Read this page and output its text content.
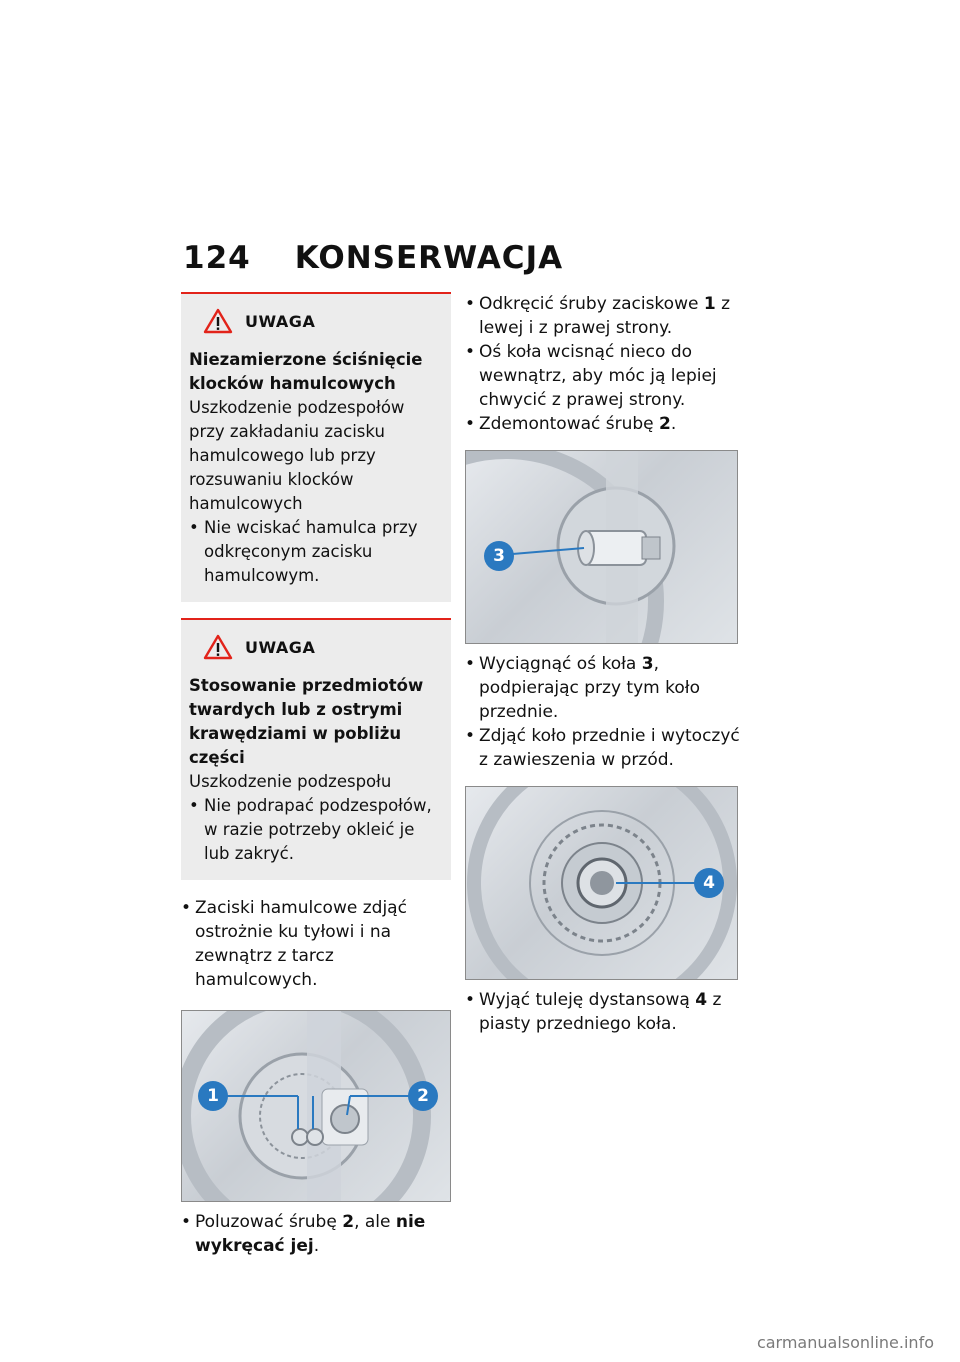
124 KONSERWACJA
UWAGA
Niezamierzone ściśnięcie klocków hamulcowych
Uszkodzenie podzespołów przy zakładaniu zacisku hamulcowego lub przy rozsuwaniu klocków hamulcowych
• Nie wciskać hamulca przy odkręconym zacisku hamulcowym.
UWAGA
Stosowanie przedmiotów twardych lub z ostrymi krawędziami w pobliżu części
Uszkodzenie podzespołu
• Nie podrapać podzespołów, w razie potrzeby okleić je lub zakryć.
• Zaciski hamulcowe zdjąć ostrożnie ku tyłowi i na zewnątrz z tarcz hamulcowych.
1	2
• Poluzować śrubę 2, ale nie wykręcać jej.
• Odkręcić śruby zaciskowe 1 z lewej i z prawej strony.
• Oś koła wcisnąć nieco do wewnątrz, aby móc ją lepiej chwycić z prawej strony.
• Zdemontować śrubę 2.
3
• Wyciągnąć oś koła 3, podpierając przy tym koło przednie.
• Zdjąć koło przednie i wytoczyć z zawieszenia w przód.
4
• Wyjąć tuleję dystansową 4 z piasty przedniego koła.
carmanualsonline.info
